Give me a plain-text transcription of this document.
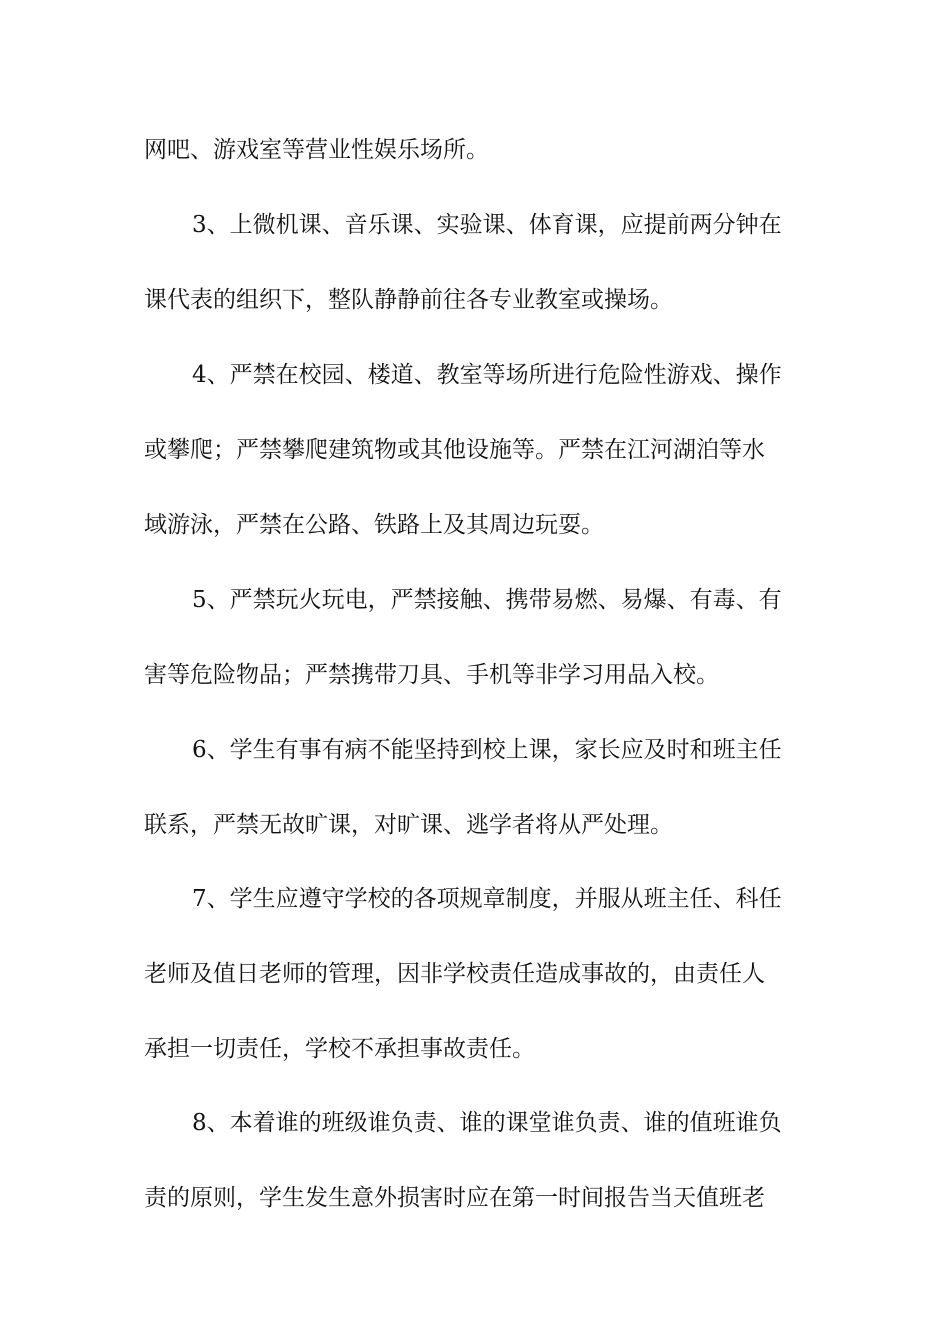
网吧、游戏室等营业性娱乐场所。
3、上微机课、音乐课、实验课、体育课，应提前两分钟在
课代表的组织下，整队静静前往各专业教室或操场。
4、严禁在校园、楼道、教室等场所进行危险性游戏、操作
或攀爬；严禁攀爬建筑物或其他设施等。严禁在江河湖泊等水
域游泳，严禁在公路、铁路上及其周边玩耍。
5、严禁玩火玩电，严禁接触、携带易燃、易爆、有毒、有
害等危险物品；严禁携带刀具、手机等非学习用品入校。
6、学生有事有病不能坚持到校上课，家长应及时和班主任
联系，严禁无故旷课，对旷课、逃学者将从严处理。
7、学生应遵守学校的各项规章制度，并服从班主任、科任
老师及值日老师的管理，因非学校责任造成事故的，由责任人
承担一切责任，学校不承担事故责任。
8、本着谁的班级谁负责、谁的课堂谁负责、谁的值班谁负
责的原则，学生发生意外损害时应在第一时间报告当天值班老
